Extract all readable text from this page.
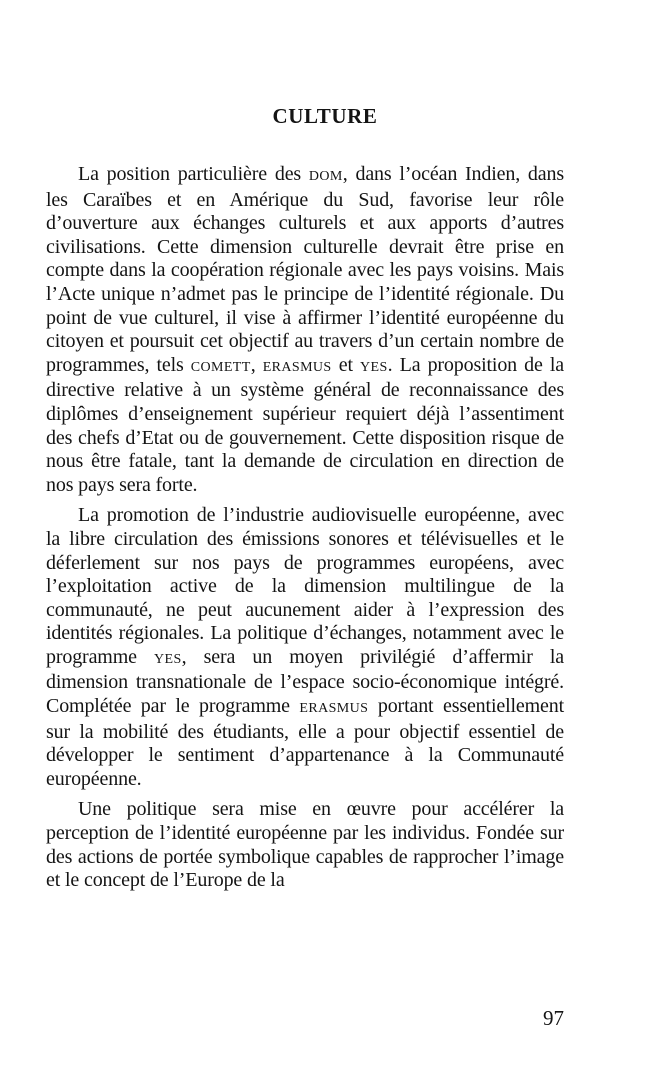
CULTURE

La position particulière des DOM, dans l’océan Indien, dans les Caraïbes et en Amérique du Sud, favorise leur rôle d’ouverture aux échanges culturels et aux apports d’autres civilisations. Cette dimension culturelle devrait être prise en compte dans la coopération régionale avec les pays voisins. Mais l’Acte unique n’admet pas le principe de l’identité régionale. Du point de vue culturel, il vise à affirmer l’identité européenne du citoyen et poursuit cet objectif au travers d’un certain nombre de programmes, tels COMETT, ERASMUS et YES. La proposition de la directive relative à un système général de reconnaissance des diplômes d’enseignement supérieur requiert déjà l’assentiment des chefs d’Etat ou de gouvernement. Cette disposition risque de nous être fatale, tant la demande de circulation en direction de nos pays sera forte.

La promotion de l’industrie audiovisuelle européenne, avec la libre circulation des émissions sonores et télévisuelles et le déferlement sur nos pays de programmes européens, avec l’exploitation active de la dimension multilingue de la communauté, ne peut aucunement aider à l’expression des identités régionales. La politique d’échanges, notamment avec le programme YES, sera un moyen privilégié d’affermir la dimension transnationale de l’espace socio-économique intégré. Complétée par le programme ERASMUS portant essentiellement sur la mobilité des étudiants, elle a pour objectif essentiel de développer le sentiment d’appartenance à la Communauté européenne.

Une politique sera mise en œuvre pour accélérer la perception de l’identité européenne par les individus. Fondée sur des actions de portée symbolique capables de rapprocher l’image et le concept de l’Europe de la

97
